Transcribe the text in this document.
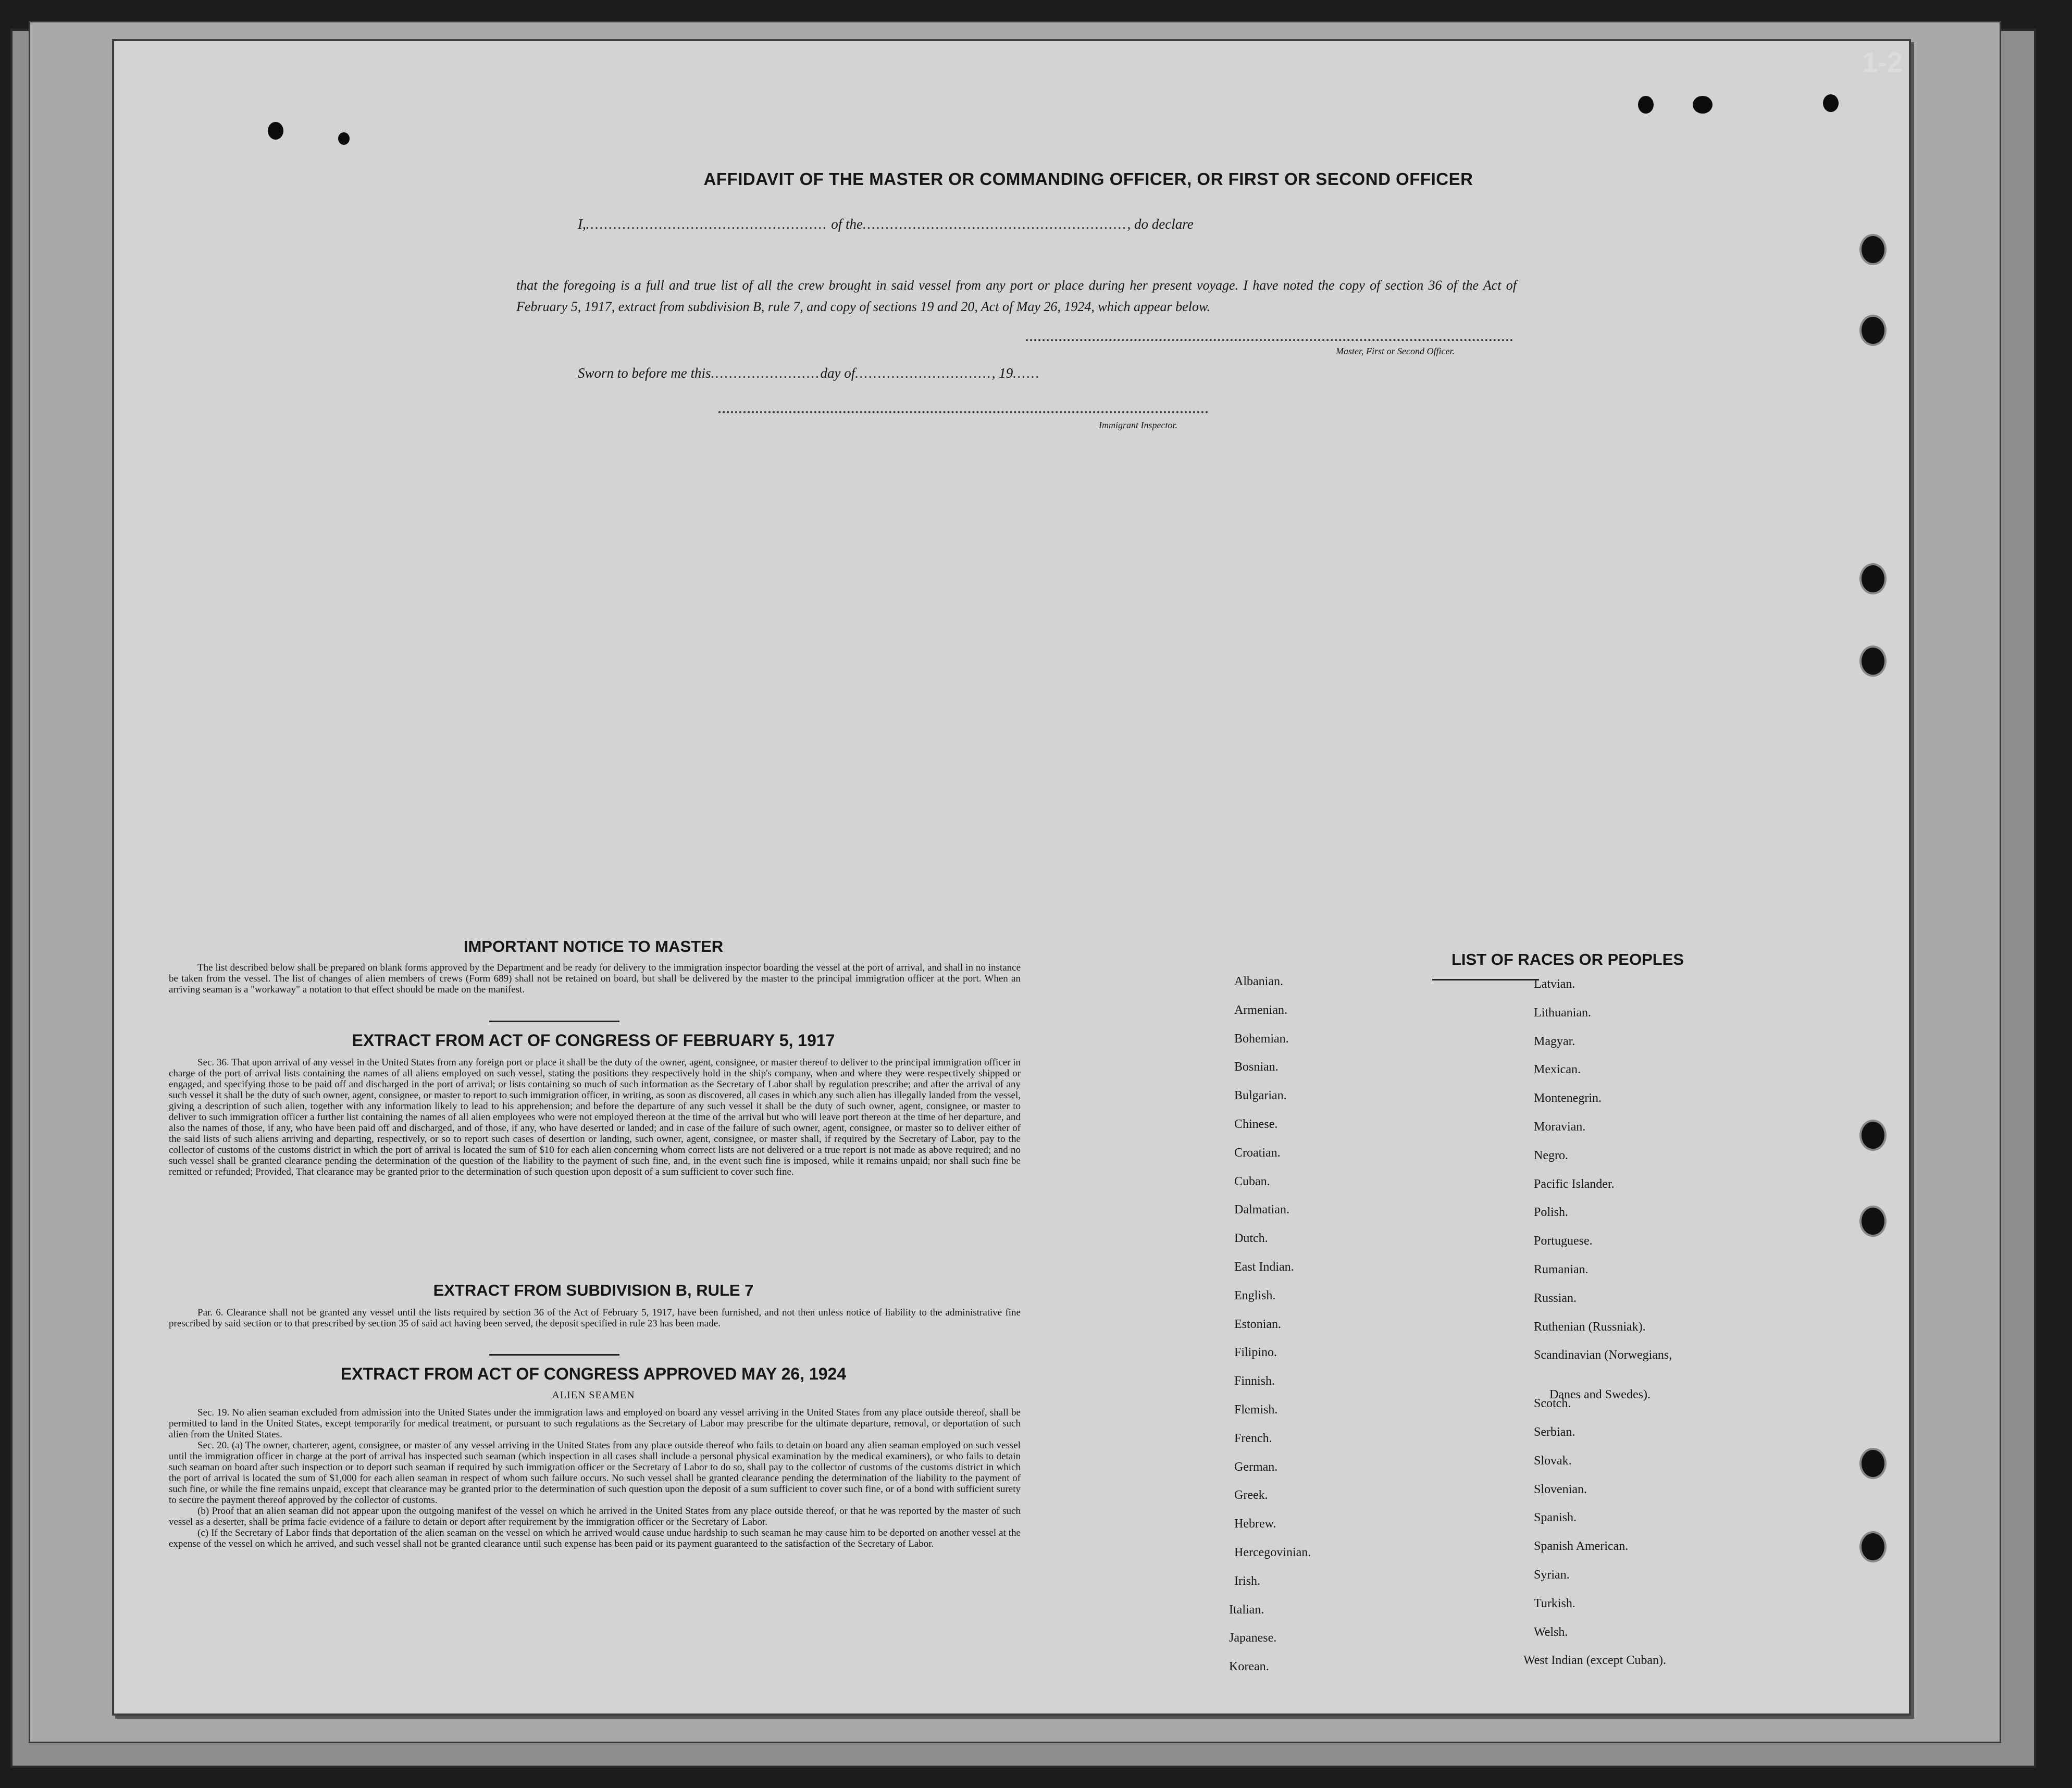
1-2
AFFIDAVIT OF THE MASTER OR COMMANDING OFFICER, OR FIRST OR SECOND OFFICER
I,..................................................... of the.........................................................., do declare
that the foregoing is a full and true list of all the crew brought in said vessel from any port or place during her present voyage. I have noted the copy of section 36 of the Act of February 5, 1917, extract from subdivision B, rule 7, and copy of sections 19 and 20, Act of May 26, 1924, which appear below.
Master, First or Second Officer.
Sworn to before me this........................day of.............................., 19......
Immigrant Inspector.
IMPORTANT NOTICE TO MASTER

The list described below shall be prepared on blank forms approved by the Department and be ready for delivery to the immigration inspector boarding the vessel at the port of arrival, and shall in no instance be taken from the vessel. The list of changes of alien members of crews (Form 689) shall not be retained on board, but shall be delivered by the master to the principal immigration officer at the port. When an arriving seaman is a "workaway" a notation to that effect should be made on the manifest.

EXTRACT FROM ACT OF CONGRESS OF FEBRUARY 5, 1917

Sec. 36. That upon arrival of any vessel in the United States from any foreign port or place it shall be the duty of the owner, agent, consignee, or master thereof to deliver to the principal immigration officer in charge of the port of arrival lists containing the names of all aliens employed on such vessel, stating the positions they respectively hold in the ship's company, when and where they were respectively shipped or engaged, and specifying those to be paid off and discharged in the port of arrival; or lists containing so much of such information as the Secretary of Labor shall by regulation prescribe; and after the arrival of any such vessel it shall be the duty of such owner, agent, consignee, or master to report to such immigration officer, in writing, as soon as discovered, all cases in which any such alien has illegally landed from the vessel, giving a description of such alien, together with any information likely to lead to his apprehension; and before the departure of any such vessel it shall be the duty of such owner, agent, consignee, or master to deliver to such immigration officer a further list containing the names of all alien employees who were not employed thereon at the time of the arrival but who will leave port thereon at the time of her departure, and also the names of those, if any, who have been paid off and discharged, and of those, if any, who have deserted or landed; and in case of the failure of such owner, agent, consignee, or master so to deliver either of the said lists of such aliens arriving and departing, respectively, or so to report such cases of desertion or landing, such owner, agent, consignee, or master shall, if required by the Secretary of Labor, pay to the collector of customs of the customs district in which the port of arrival is located the sum of $10 for each alien concerning whom correct lists are not delivered or a true report is not made as above required; and no such vessel shall be granted clearance pending the determination of the question of the liability to the payment of such fine, and, in the event such fine is imposed, while it remains unpaid; nor shall such fine be remitted or refunded; Provided, That clearance may be granted prior to the determination of such question upon deposit of a sum sufficient to cover such fine.

EXTRACT FROM SUBDIVISION B, RULE 7

Par. 6. Clearance shall not be granted any vessel until the lists required by section 36 of the Act of February 5, 1917, have been furnished, and not then unless notice of liability to the administrative fine prescribed by said section or to that prescribed by section 35 of said act having been served, the deposit specified in rule 23 has been made.

EXTRACT FROM ACT OF CONGRESS APPROVED MAY 26, 1924
ALIEN SEAMEN

Sec. 19. No alien seaman excluded from admission into the United States under the immigration laws and employed on board any vessel arriving in the United States from any place outside thereof, shall be permitted to land in the United States, except temporarily for medical treatment, or pursuant to such regulations as the Secretary of Labor may prescribe for the ultimate departure, removal, or deportation of such alien from the United States.

Sec. 20. (a) The owner, charterer, agent, consignee, or master of any vessel arriving in the United States from any place outside thereof who fails to detain on board any alien seaman employed on such vessel until the immigration officer in charge at the port of arrival has inspected such seaman (which inspection in all cases shall include a personal physical examination by the medical examiners), or who fails to detain such seaman on board after such inspection or to deport such seaman if required by such immigration officer or the Secretary of Labor to do so, shall pay to the collector of customs of the customs district in which the port of arrival is located the sum of $1,000 for each alien seaman in respect of whom such failure occurs. No such vessel shall be granted clearance pending the determination of the liability to the payment of such fine, or while the fine remains unpaid, except that clearance may be granted prior to the determination of such question upon the deposit of a sum sufficient to cover such fine, or of a bond with sufficient surety to secure the payment thereof approved by the collector of customs.

(b) Proof that an alien seaman did not appear upon the outgoing manifest of the vessel on which he arrived in the United States from any place outside thereof, or that he was reported by the master of such vessel as a deserter, shall be prima facie evidence of a failure to detain or deport after requirement by the immigration officer or the Secretary of Labor.

(c) If the Secretary of Labor finds that deportation of the alien seaman on the vessel on which he arrived would cause undue hardship to such seaman he may cause him to be deported on another vessel at the expense of the vessel on which he arrived, and such vessel shall not be granted clearance until such expense has been paid or its payment guaranteed to the satisfaction of the Secretary of Labor.

LIST OF RACES OR PEOPLES
Albanian.
Armenian.
Bohemian.
Bosnian.
Bulgarian.
Chinese.
Croatian.
Cuban.
Dalmatian.
Dutch.
East Indian.
English.
Estonian.
Filipino.
Finnish.
Flemish.
French.
German.
Greek.
Hebrew.
Hercegovinian.
Irish.
Italian.
Japanese.
Korean.
Latvian.
Lithuanian.
Magyar.
Mexican.
Montenegrin.
Moravian.
Negro.
Pacific Islander.
Polish.
Portuguese.
Rumanian.
Russian.
Ruthenian (Russniak).
Scandinavian (Norwegians,
Danes and Swedes).
Scotch.
Serbian.
Slovak.
Slovenian.
Spanish.
Spanish American.
Syrian.
Turkish.
Welsh.
West Indian (except Cuban).
